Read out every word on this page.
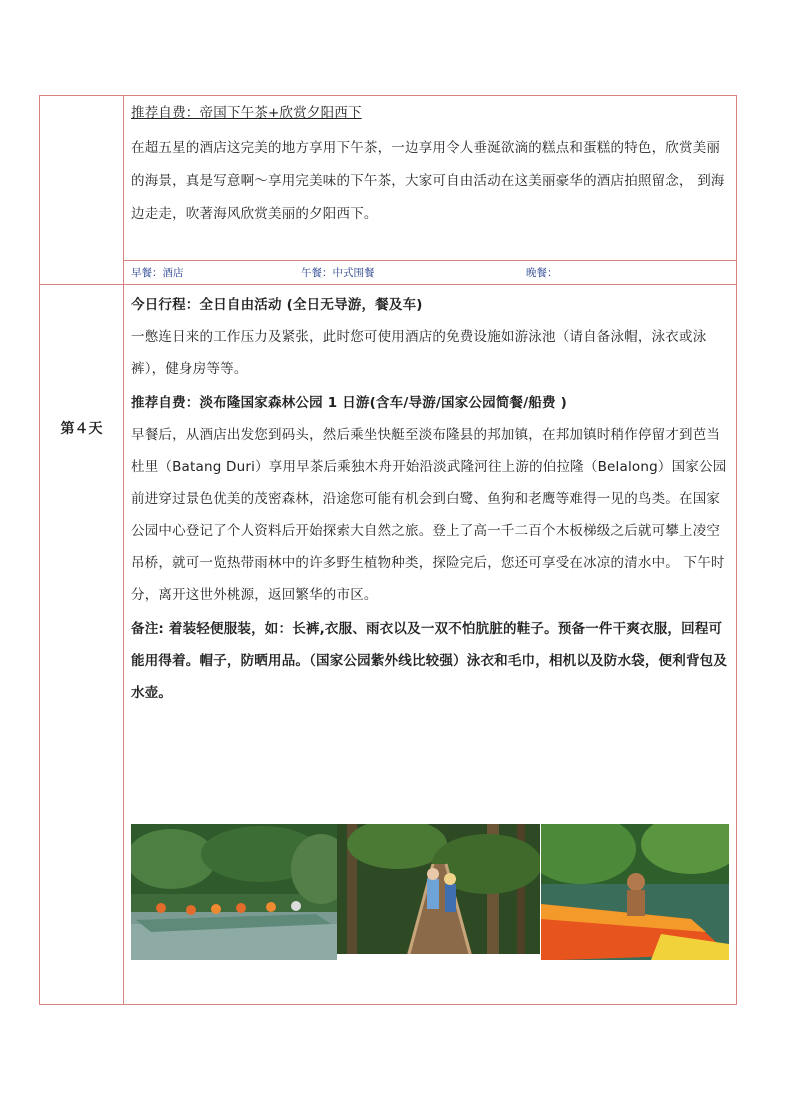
推荐自费：帝国下午茶+欣赏夕阳西下

在超五星的酒店这完美的地方享用下午茶，一边享用令人垂涎欲滴的糕点和蛋糕的特色，欣赏美丽的海景，真是写意啊～享用完美味的下午茶，大家可自由活动在这美丽豪华的酒店拍照留念， 到海边走走，吹著海风欣赏美丽的夕阳西下。

早餐：酒店	午餐：中式围餐	晚餐：
第４天

今日行程：全日自由活动 (全日无导游，餐及车)

一憋连日来的工作压力及紧张，此时您可使用酒店的免费设施如游泳池（请自备泳帽，泳衣或泳裤），健身房等等。

推荐自费：淡布隆国家森林公园 1 日游(含车/导游/国家公园简餐/船费 )

早餐后，从酒店出发您到码头，然后乘坐快艇至淡布隆县的邦加镇，在邦加镇时稍作停留才到芭当杜里（Batang Duri）享用早茶后乘独木舟开始沿淡武隆河往上游的伯拉隆（Belalong）国家公园前进穿过景色优美的茂密森林，沿途您可能有机会到白鹭、鱼狗和老鹰等难得一见的鸟类。在国家公园中心登记了个人资料后开始探索大自然之旅。登上了高一千二百个木板梯级之后就可攀上凌空吊桥，就可一览热带雨林中的许多野生植物种类，探险完后，您还可享受在冰凉的清水中。 下午时分，离开这世外桃源，返回繁华的市区。

备注: 着装轻便服装，如：长裤,衣服、雨衣以及一双不怕肮脏的鞋子。预备一件干爽衣服，回程可能用得着。帽子，防晒用品。（国家公园紫外线比较强）泳衣和毛巾，相机以及防水袋，便利背包及水壶。
